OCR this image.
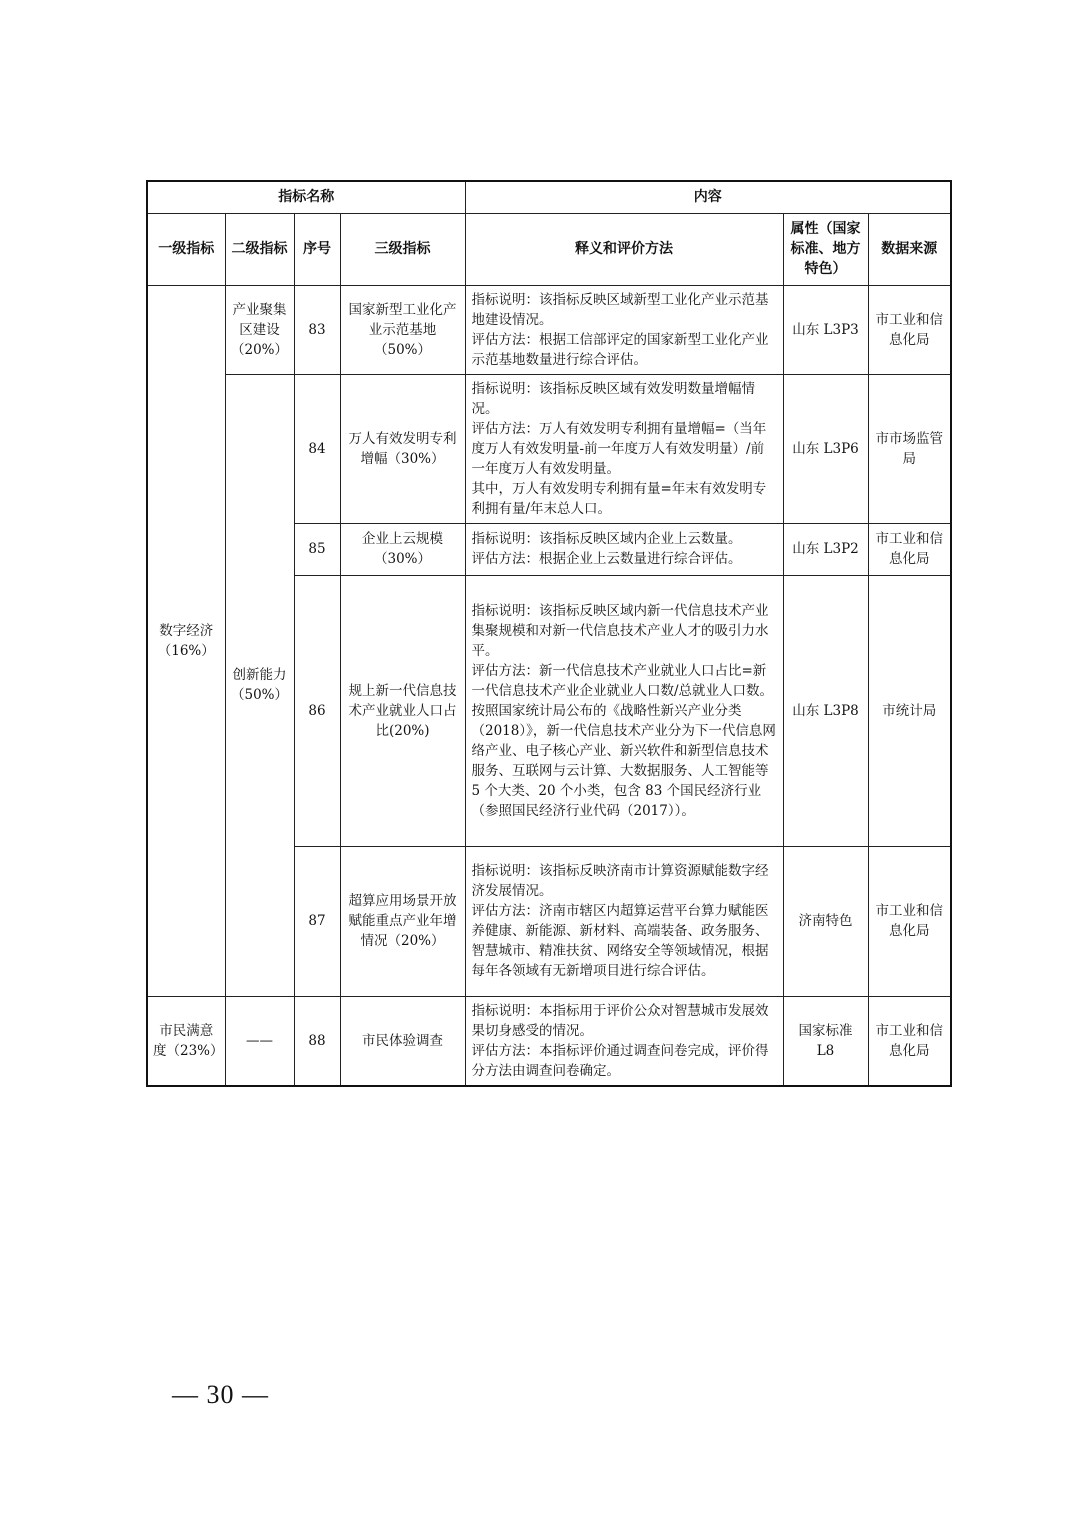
指标名称				内容		
一级指标	二级指标	序号	三级指标	释义和评价方法	属性（国家标准、地方特色）	数据来源
数字经济（16%）	产业聚集区建设（20%）	83	国家新型工业化产业示范基地（50%）	指标说明：该指标反映区域新型工业化产业示范基地建设情况。
评估方法：根据工信部评定的国家新型工业化产业示范基地数量进行综合评估。	山东 L3P3	市工业和信息化局
	创新能力（50%）	84	万人有效发明专利增幅（30%）	指标说明：该指标反映区域有效发明数量增幅情况。
评估方法：万人有效发明专利拥有量增幅=（当年度万人有效发明量-前一年度万人有效发明量）/前一年度万人有效发明量。
其中，万人有效发明专利拥有量=年末有效发明专利拥有量/年末总人口。	山东 L3P6	市市场监管局
		85	企业上云规模（30%）	指标说明：该指标反映区域内企业上云数量。
评估方法：根据企业上云数量进行综合评估。	山东 L3P2	市工业和信息化局
		86	规上新一代信息技术产业就业人口占比(20%)	指标说明：该指标反映区域内新一代信息技术产业集聚规模和对新一代信息技术产业人才的吸引力水平。
评估方法：新一代信息技术产业就业人口占比=新一代信息技术产业企业就业人口数/总就业人口数。
按照国家统计局公布的《战略性新兴产业分类（2018）》，新一代信息技术产业分为下一代信息网络产业、电子核心产业、新兴软件和新型信息技术服务、互联网与云计算、大数据服务、人工智能等 5 个大类、20 个小类，包含 83 个国民经济行业（参照国民经济行业代码（2017））。	山东 L3P8	市统计局
		87	超算应用场景开放赋能重点产业年增情况（20%）	指标说明：该指标反映济南市计算资源赋能数字经济发展情况。
评估方法：济南市辖区内超算运营平台算力赋能医养健康、新能源、新材料、高端装备、政务服务、智慧城市、精准扶贫、网络安全等领域情况，根据每年各领域有无新增项目进行综合评估。	济南特色	市工业和信息化局
市民满意度（23%）	——	88	市民体验调查	指标说明：本指标用于评价公众对智慧城市发展效果切身感受的情况。
评估方法：本指标评价通过调查问卷完成，评价得分方法由调查问卷确定。	国家标准 L8	市工业和信息化局
— 30 —
